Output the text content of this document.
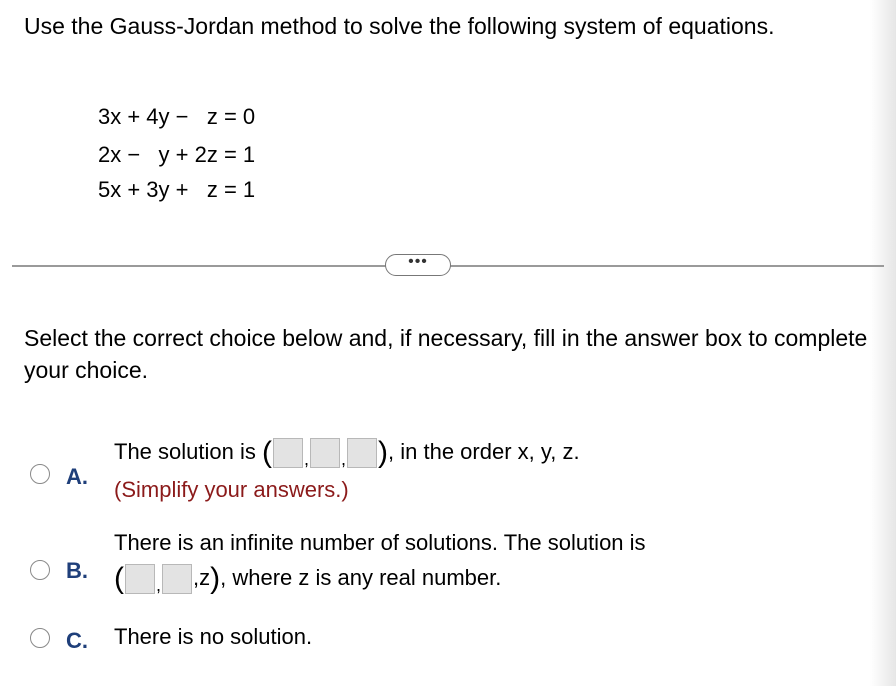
Use the Gauss-Jordan method to solve the following system of equations.
3x + 4y −   z = 0
2x −   y + 2z = 1
5x + 3y +   z = 1
•••
Select the correct choice below and, if necessary, fill in the answer box to complete your choice.
A.
The solution is ( $_,$ $_,$ ), in the order x, y, z.
(Simplify your answers.)
B.
There is an infinite number of solutions. The solution is
( $_,$ ,z), where z is any real number.
C. There is no solution.
